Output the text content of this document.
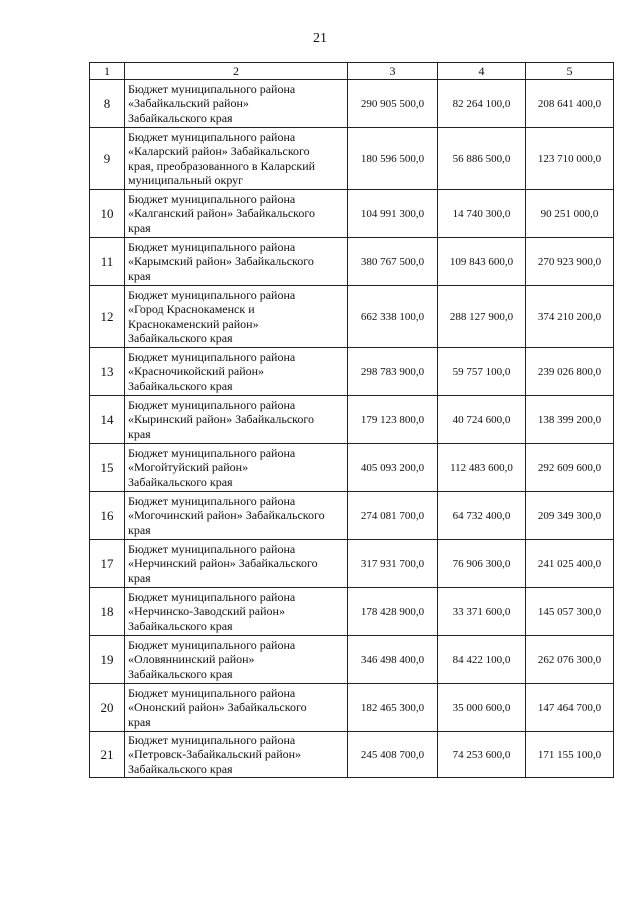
21
1	2	3	4	5
8	Бюджет муниципального района
«Забайкальский район»
Забайкальского края	290 905 500,0	82 264 100,0	208 641 400,0
9	Бюджет муниципального района
«Каларский район» Забайкальского
края, преобразованного в Каларский
муниципальный округ	180 596 500,0	56 886 500,0	123 710 000,0
10	Бюджет муниципального района
«Калганский район» Забайкальского
края	104 991 300,0	14 740 300,0	90 251 000,0
11	Бюджет муниципального района
«Карымский район» Забайкальского
края	380 767 500,0	109 843 600,0	270 923 900,0
12	Бюджет муниципального района
«Город Краснокаменск и
Краснокаменский район»
Забайкальского края	662 338 100,0	288 127 900,0	374 210 200,0
13	Бюджет муниципального района
«Красночикойский район»
Забайкальского края	298 783 900,0	59 757 100,0	239 026 800,0
14	Бюджет муниципального района
«Кыринский район» Забайкальского
края	179 123 800,0	40 724 600,0	138 399 200,0
15	Бюджет муниципального района
«Могойтуйский район»
Забайкальского края	405 093 200,0	112 483 600,0	292 609 600,0
16	Бюджет муниципального района
«Могочинский район» Забайкальского
края	274 081 700,0	64 732 400,0	209 349 300,0
17	Бюджет муниципального района
«Нерчинский район» Забайкальского
края	317 931 700,0	76 906 300,0	241 025 400,0
18	Бюджет муниципального района
«Нерчинско-Заводский район»
Забайкальского края	178 428 900,0	33 371 600,0	145 057 300,0
19	Бюджет муниципального района
«Оловяннинский район»
Забайкальского края	346 498 400,0	84 422 100,0	262 076 300,0
20	Бюджет муниципального района
«Ононский район» Забайкальского
края	182 465 300,0	35 000 600,0	147 464 700,0
21	Бюджет муниципального района
«Петровск-Забайкальский район»
Забайкальского края	245 408 700,0	74 253 600,0	171 155 100,0
